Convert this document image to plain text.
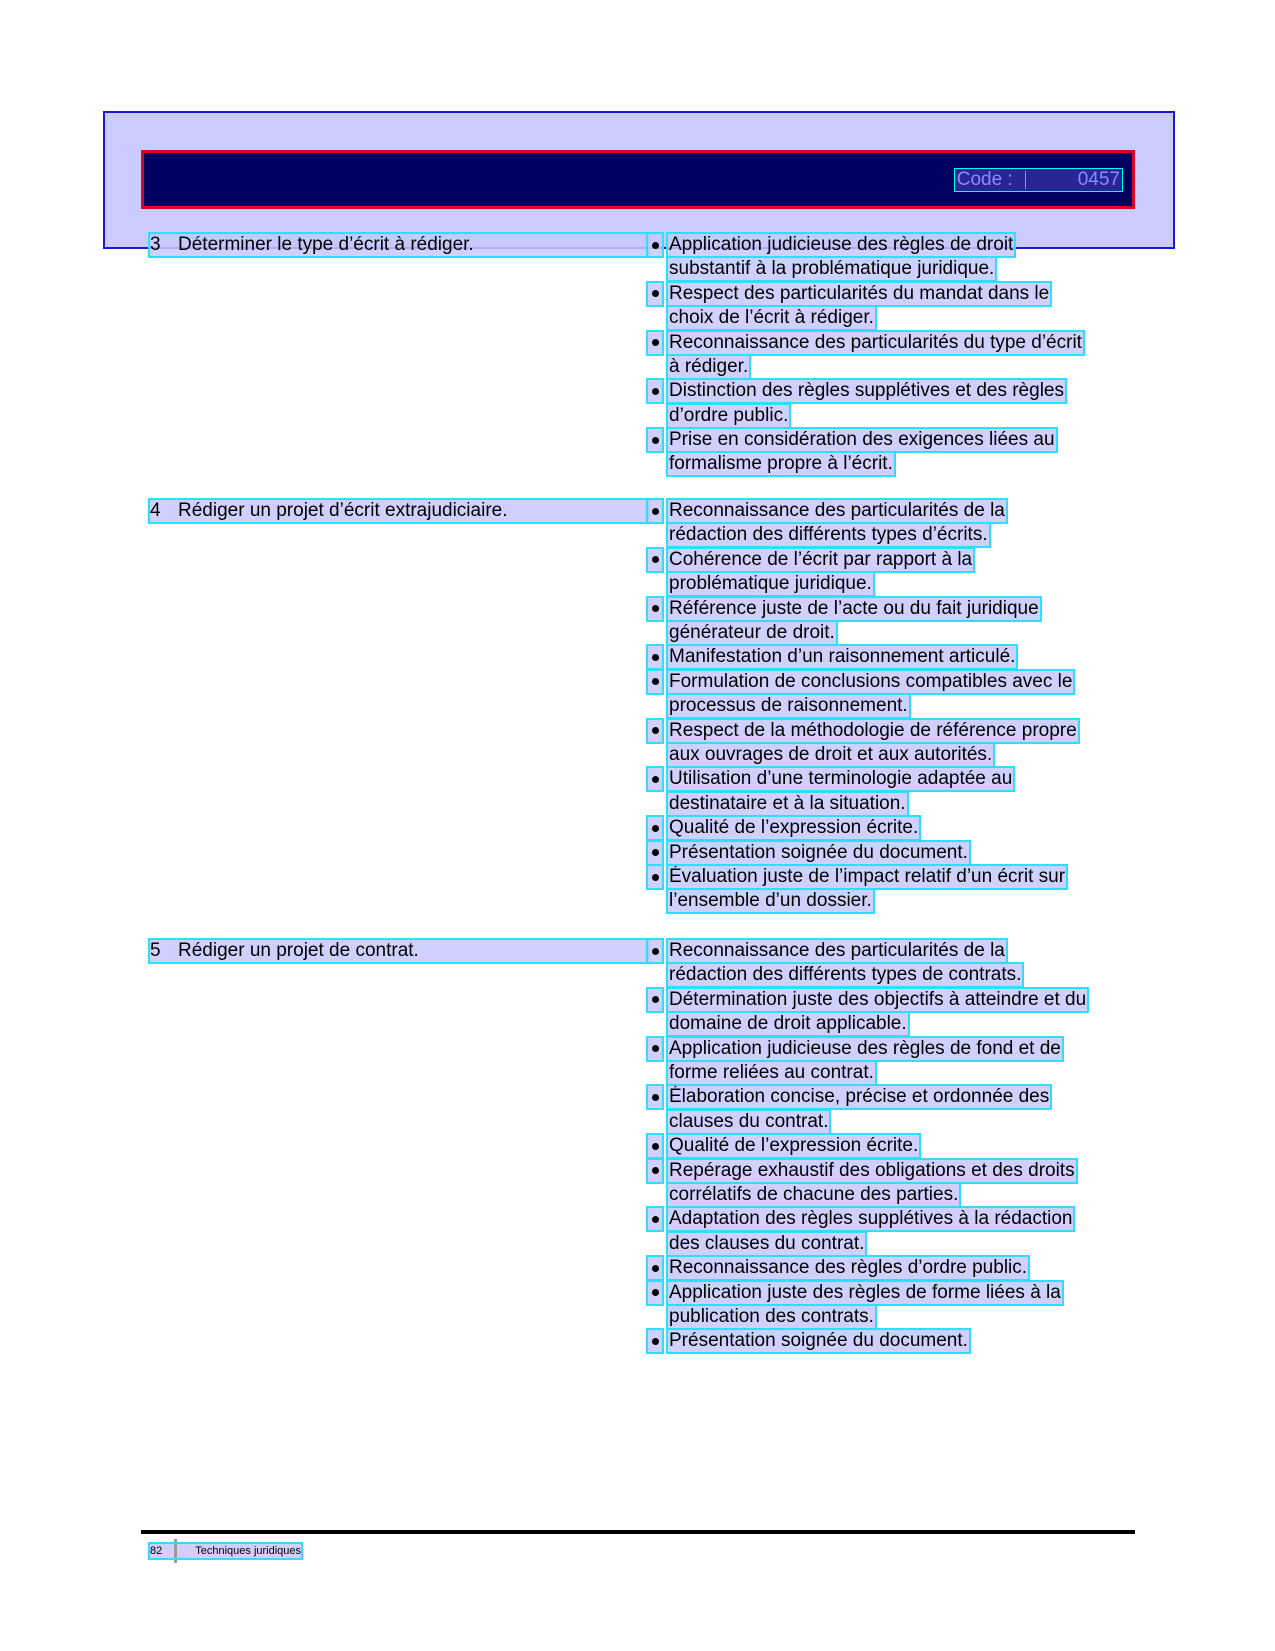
Code :	0457
3 Déterminer le type d’écrit à rédiger.	Application judicieuse des règles de droit
substantif à la problématique juridique.
Respect des particularités du mandat dans le
choix de l’écrit à rédiger.
Reconnaissance des particularités du type d’écrit
à rédiger.
Distinction des règles supplétives et des règles
d’ordre public.
Prise en considération des exigences liées au
formalisme propre à l’écrit.
4 Rédiger un projet d’écrit extrajudiciaire.	Reconnaissance des particularités de la
rédaction des différents types d’écrits.
Cohérence de l’écrit par rapport à la
problématique juridique.
Référence juste de l’acte ou du fait juridique
générateur de droit.
Manifestation d’un raisonnement articulé.
Formulation de conclusions compatibles avec le
processus de raisonnement.
Respect de la méthodologie de référence propre
aux ouvrages de droit et aux autorités.
Utilisation d’une terminologie adaptée au
destinataire et à la situation.
Qualité de l’expression écrite.
Présentation soignée du document.
Évaluation juste de l’impact relatif d’un écrit sur
l’ensemble d’un dossier.
5 Rédiger un projet de contrat.	Reconnaissance des particularités de la
rédaction des différents types de contrats.
Détermination juste des objectifs à atteindre et du
domaine de droit applicable.
Application judicieuse des règles de fond et de
forme reliées au contrat.
Élaboration concise, précise et ordonnée des
clauses du contrat.
Qualité de l’expression écrite.
Repérage exhaustif des obligations et des droits
corrélatifs de chacune des parties.
Adaptation des règles supplétives à la rédaction
des clauses du contrat.
Reconnaissance des règles d’ordre public.
Application juste des règles de forme liées à la
publication des contrats.
Présentation soignée du document.
82	Techniques juridiques
